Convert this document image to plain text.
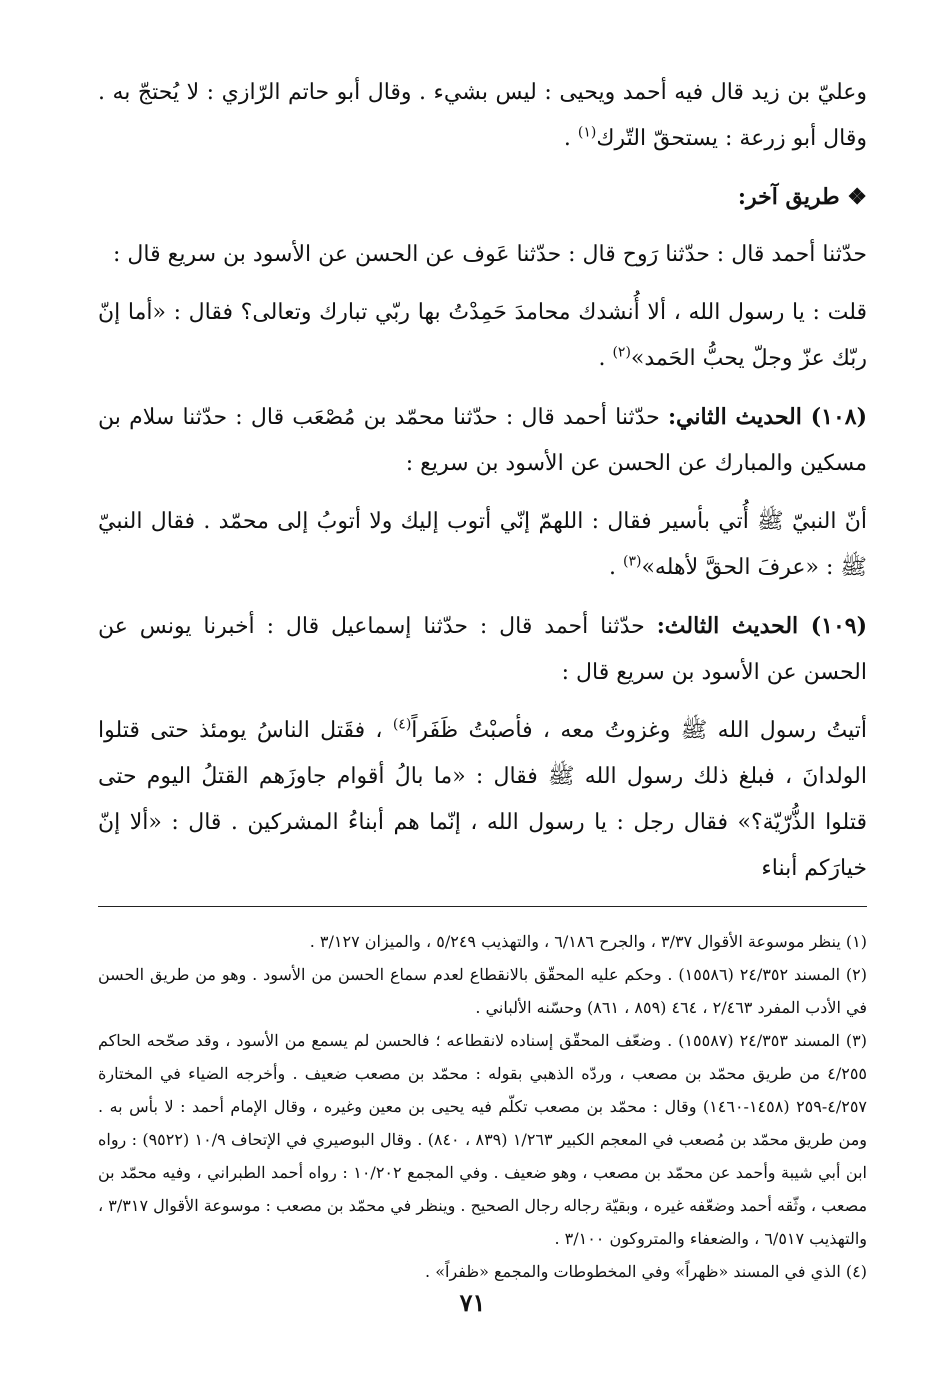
وعليّ بن زيد قال فيه أحمد ويحيى : ليس بشيء . وقال أبو حاتم الرّازي : لا يُحتجّ به . وقال أبو زرعة : يستحقّ التّرك$^{(١)}$ .

❖ طريق آخر:

حدّثنا أحمد قال : حدّثنا رَوح قال : حدّثنا عَوف عن الحسن عن الأسود بن سريع قال :

قلت : يا رسول الله ، ألا أُنشدك محامدَ حَمِدْتُ بها ربّي تبارك وتعالى؟ فقال : «أما إنّ ربّك عزّ وجلّ يحبُّ الحَمد»$^{(٢)}$ .

(١٠٨) الحديث الثاني: حدّثنا أحمد قال : حدّثنا محمّد بن مُصْعَب قال : حدّثنا سلام بن مسكين والمبارك عن الحسن عن الأسود بن سريع :

أنّ النبيّ ﷺ أُتي بأسير فقال : اللهمّ إنّي أتوب إليك ولا أتوبُ إلى محمّد . فقال النبيّ ﷺ : «عرفَ الحقَّ لأهله»$^{(٣)}$ .

(١٠٩) الحديث الثالث: حدّثنا أحمد قال : حدّثنا إسماعيل قال : أخبرنا يونس عن الحسن عن الأسود بن سريع قال :

أتيتُ رسول الله ﷺ وغزوتُ معه ، فأصبْتُ ظَفَراً$^{(٤)}$ ، فقَتل الناسُ يومئذ حتى قتلوا الولدانَ ، فبلغ ذلك رسول الله ﷺ فقال : «ما بالُ أقوام جاوزَهم القتلُ اليوم حتى قتلوا الذُّرّيّة؟» فقال رجل : يا رسول الله ، إنّما هم أبناءُ المشركين . قال : «ألا إنّ خيارَكم أبناء

(١) ينظر موسوعة الأقوال ٣/٣٧ ، والجرح ٦/١٨٦ ، والتهذيب ٥/٢٤٩ ، والميزان ٣/١٢٧ .

(٢) المسند ٢٤/٣٥٢ (١٥٥٨٦) . وحكم عليه المحقّق بالانقطاع لعدم سماع الحسن من الأسود . وهو من طريق الحسن في الأدب المفرد ٢/٤٦٣ ، ٤٦٤ (٨٥٩ ، ٨٦١) وحسّنه الألباني .

(٣) المسند ٢٤/٣٥٣ (١٥٥٨٧) . وضعّف المحقّق إسناده لانقطاعه ؛ فالحسن لم يسمع من الأسود ، وقد صحّحه الحاكم ٤/٢٥٥ من طريق محمّد بن مصعب ، وردّه الذهبي بقوله : محمّد بن مصعب ضعيف . وأخرجه الضياء في المختارة ٤/٢٥٧-٢٥٩ (١٤٥٨-١٤٦٠) وقال : محمّد بن مصعب تكلّم فيه يحيى بن معين وغيره ، وقال الإمام أحمد : لا بأس به . ومن طريق محمّد بن مُصعب في المعجم الكبير ١/٢٦٣ (٨٣٩ ، ٨٤٠) . وقال البوصيري في الإتحاف ١٠/٩ (٩٥٢٢) : رواه ابن أبي شيبة وأحمد عن محمّد بن مصعب ، وهو ضعيف . وفي المجمع ١٠/٢٠٢ : رواه أحمد الطبراني ، وفيه محمّد بن مصعب ، وثّقه أحمد وضعّفه غيره ، وبقيّة رجاله رجال الصحيح . وينظر في محمّد بن مصعب : موسوعة الأقوال ٣/٣١٧ ، والتهذيب ٦/٥١٧ ، والضعفاء والمتروكون ٣/١٠٠ .

(٤) الذي في المسند «ظهراً» وفي المخطوطات والمجمع «ظفراً» .

٧١
